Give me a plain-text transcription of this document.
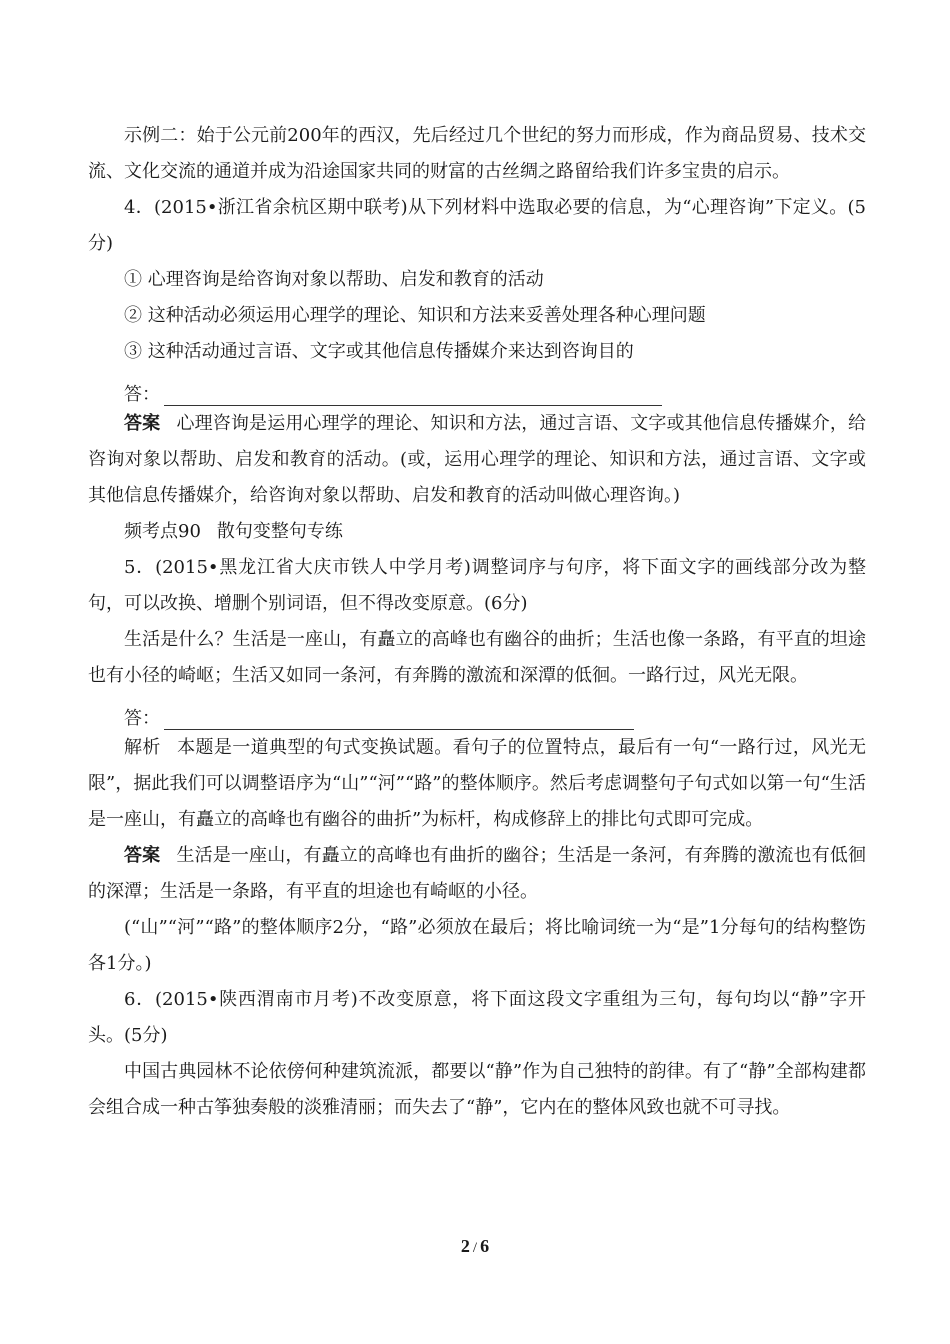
示例二：始于公元前200年的西汉，先后经过几个世纪的努力而形成，作为商品贸易、技术交流、文化交流的通道并成为沿途国家共同的财富的古丝绸之路留给我们许多宝贵的启示。

4．(2015•浙江省余杭区期中联考)从下列材料中选取必要的信息，为“心理咨询”下定义。(5分)

① 心理咨询是给咨询对象以帮助、启发和教育的活动

② 这种活动必须运用心理学的理论、知识和方法来妥善处理各种心理问题

③ 这种活动通过言语、文字或其他信息传播媒介来达到咨询目的

答：

答案 心理咨询是运用心理学的理论、知识和方法，通过言语、文字或其他信息传播媒介，给咨询对象以帮助、启发和教育的活动。(或，运用心理学的理论、知识和方法，通过言语、文字或其他信息传播媒介，给咨询对象以帮助、启发和教育的活动叫做心理咨询。)

频考点90 散句变整句专练

5．(2015•黑龙江省大庆市铁人中学月考)调整词序与句序，将下面文字的画线部分改为整句，可以改换、增删个别词语，但不得改变原意。(6分)

生活是什么？生活是一座山，有矗立的高峰也有幽谷的曲折；生活也像一条路，有平直的坦途也有小径的崎岖；生活又如同一条河，有奔腾的激流和深潭的低徊。一路行过，风光无限。

答：

解析 本题是一道典型的句式变换试题。看句子的位置特点，最后有一句“一路行过，风光无限”，据此我们可以调整语序为“山”“河”“路”的整体顺序。然后考虑调整句子句式如以第一句“生活是一座山，有矗立的高峰也有幽谷的曲折”为标杆，构成修辞上的排比句式即可完成。

答案 生活是一座山，有矗立的高峰也有曲折的幽谷；生活是一条河，有奔腾的激流也有低徊的深潭；生活是一条路，有平直的坦途也有崎岖的小径。

(“山”“河”“路”的整体顺序2分，“路”必须放在最后；将比喻词统一为“是”1分每句的结构整饬各1分。)

6．(2015•陕西渭南市月考)不改变原意，将下面这段文字重组为三句，每句均以“静”字开头。(5分)

中国古典园林不论依傍何种建筑流派，都要以“静”作为自己独特的韵律。有了“静”全部构建都会组合成一种古筝独奏般的淡雅清丽；而失去了“静”，它内在的整体风致也就不可寻找。

2 / 6
